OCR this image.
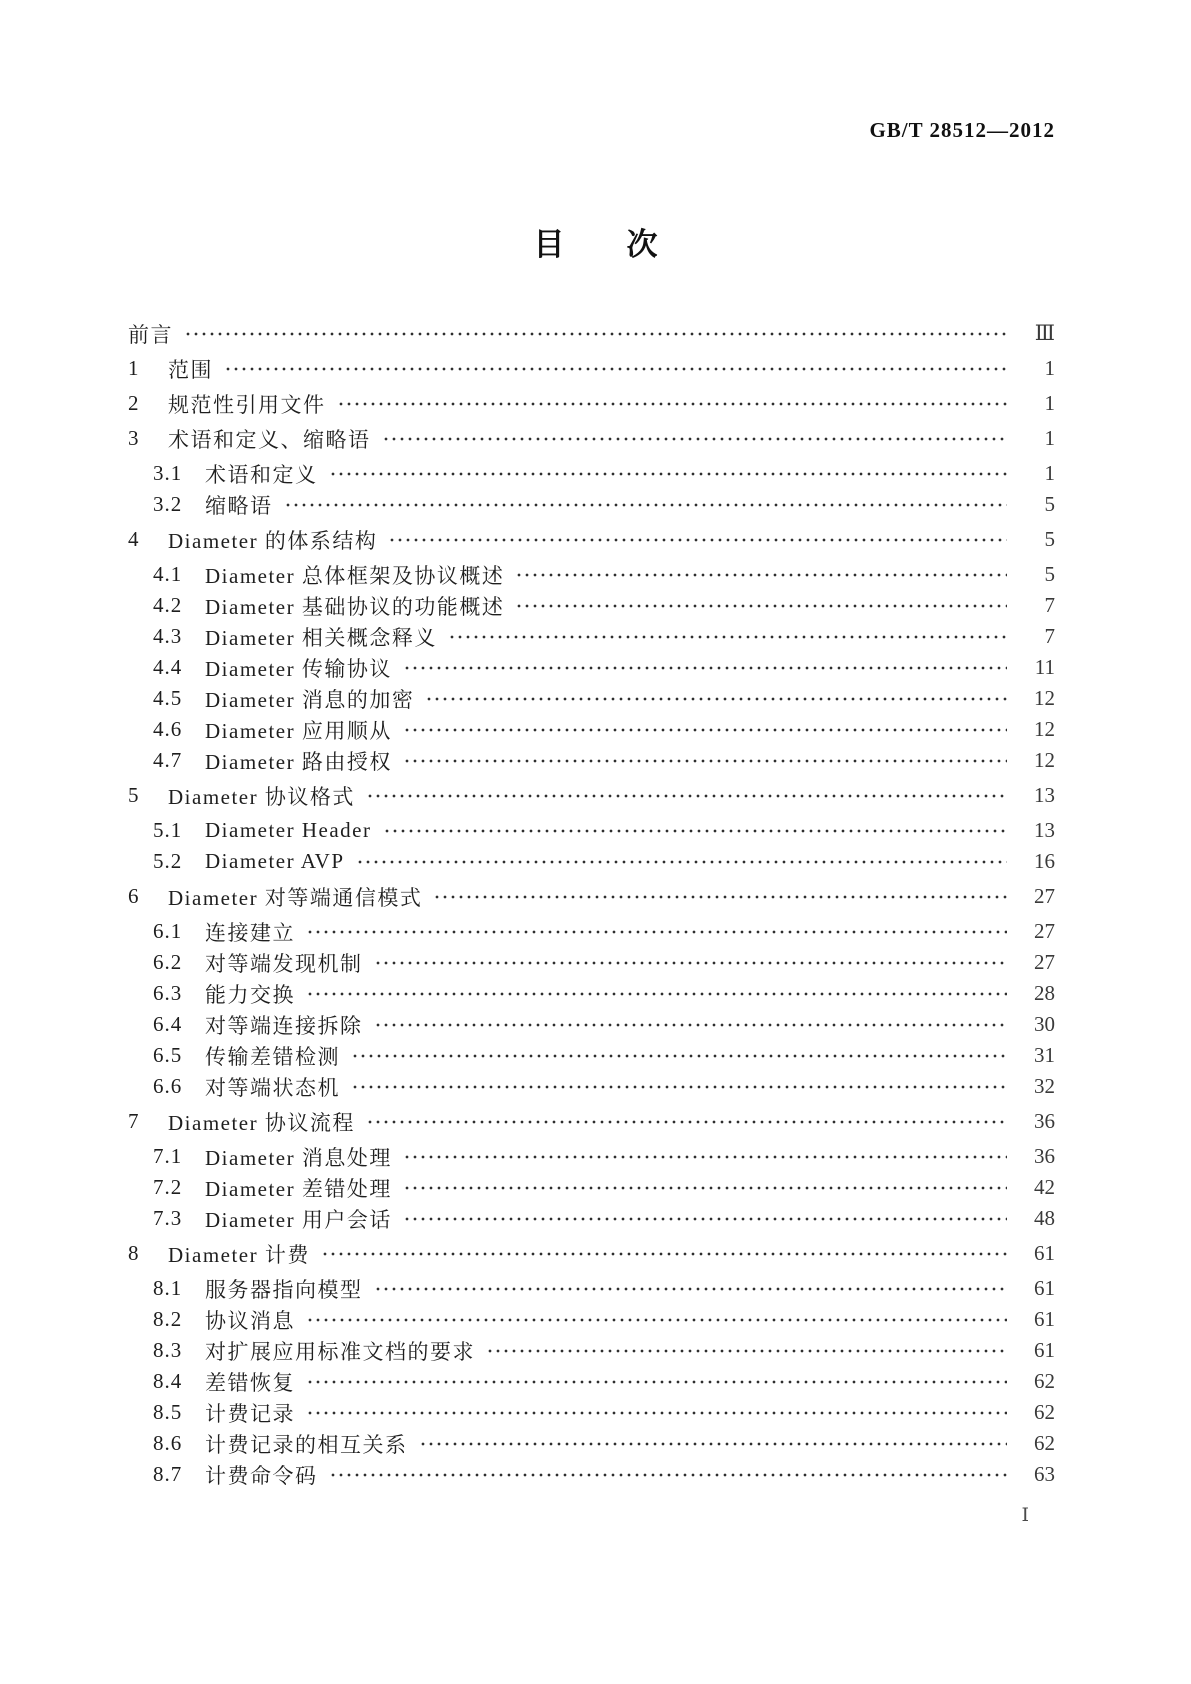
GB/T 28512—2012
目　　次
前言	Ⅲ
1	范围	1
2	规范性引用文件	1
3	术语和定义、缩略语	1
3.1	术语和定义	1
3.2	缩略语	5
4	Diameter 的体系结构	5
4.1	Diameter 总体框架及协议概述	5
4.2	Diameter 基础协议的功能概述	7
4.3	Diameter 相关概念释义	7
4.4	Diameter 传输协议	11
4.5	Diameter 消息的加密	12
4.6	Diameter 应用顺从	12
4.7	Diameter 路由授权	12
5	Diameter 协议格式	13
5.1	Diameter Header	13
5.2	Diameter AVP	16
6	Diameter 对等端通信模式	27
6.1	连接建立	27
6.2	对等端发现机制	27
6.3	能力交换	28
6.4	对等端连接拆除	30
6.5	传输差错检测	31
6.6	对等端状态机	32
7	Diameter 协议流程	36
7.1	Diameter 消息处理	36
7.2	Diameter 差错处理	42
7.3	Diameter 用户会话	48
8	Diameter 计费	61
8.1	服务器指向模型	61
8.2	协议消息	61
8.3	对扩展应用标准文档的要求	61
8.4	差错恢复	62
8.5	计费记录	62
8.6	计费记录的相互关系	62
8.7	计费命令码	63
Ⅰ
